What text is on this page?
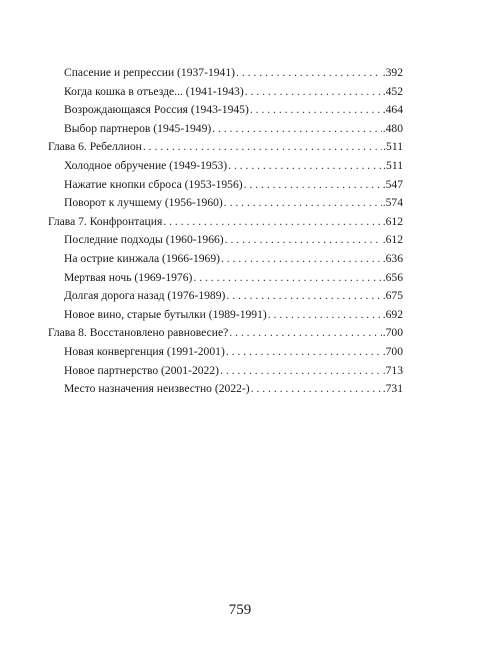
Спасение и репрессии (1937-1941) . . .	.392
Когда кошка в отъезде... (1941-1943) . . .	.452
Возрождающаяся Россия (1943-1945) . . .	.464
Выбор партнеров (1945-1949) . . .	.480
Глава 6. Ребеллион . . .	.511
Холодное обручение (1949-1953) . . .	.511
Нажатие кнопки сброса (1953-1956) . . .	.547
Поворот к лучшему (1956-1960) . . .	.574
Глава 7. Конфронтация . . .	.612
Последние подходы (1960-1966) . . .	.612
На острие кинжала (1966-1969) . . .	.636
Мертвая ночь (1969-1976) . . .	.656
Долгая дорога назад (1976-1989) . . .	.675
Новое вино, старые бутылки (1989-1991) . . .	.692
Глава 8. Восстановлено равновесие? . . .	.700
Новая конвергенция (1991-2001) . . .	.700
Новое партнерство (2001-2022) . . .	.713
Место назначения неизвестно (2022-) . . .	.731
759
